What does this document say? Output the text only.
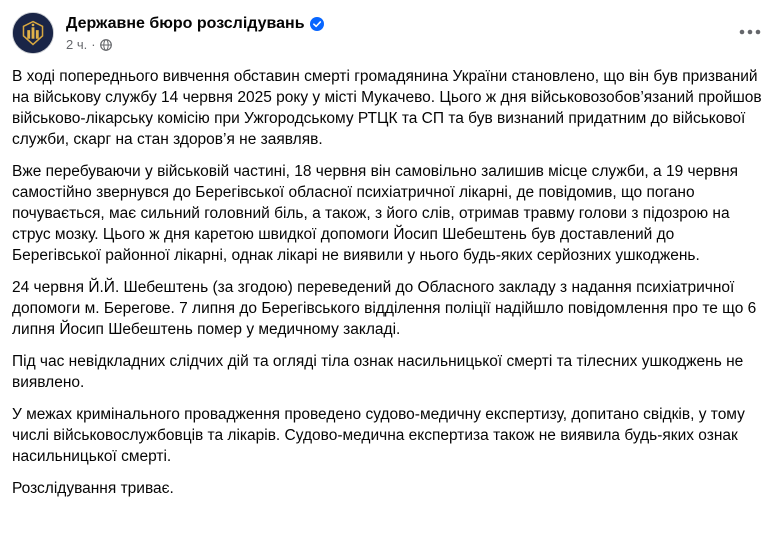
Державне бюро розслідувань
2 ч. ·

В ході попереднього вивчення обставин смерті громадянина України становлено, що він був призваний на військову службу 14 червня 2025 року у місті Мукачево. Цього ж дня військовозобов’язаний пройшов військово-лікарську комісію при Ужгородському РТЦК та СП та був визнаний придатним до військової служби, скарг на стан здоров’я не заявляв.

Вже перебуваючи у військовій частині, 18 червня він самовільно залишив місце служби, а 19 червня самостійно звернувся до Берегівської обласної психіатричної лікарні, де повідомив, що погано почувається, має сильний головний біль, а також, з його слів, отримав травму голови з підозрою на струс мозку. Цього ж дня каретою швидкої допомоги Йосип Шебештень був доставлений до Берегівської районної лікарні, однак лікарі не виявили у нього будь-яких серйозних ушкоджень.

24 червня Й.Й. Шебештень (за згодою) переведений до Обласного закладу з надання психіатричної допомоги м. Берегове. 7 липня до Берегівського відділення поліції надійшло повідомлення про те що 6 липня Йосип Шебештень помер у медичному закладі.

Під час невідкладних слідчих дій та огляді тіла ознак насильницької смерті та тілесних ушкоджень не виявлено.

У межах кримінального провадження проведено судово-медичну експертизу, допитано свідків, у тому числі військовослужбовців та лікарів. Судово-медична експертиза також не виявила будь-яких ознак насильницької смерті.

Розслідування триває.
